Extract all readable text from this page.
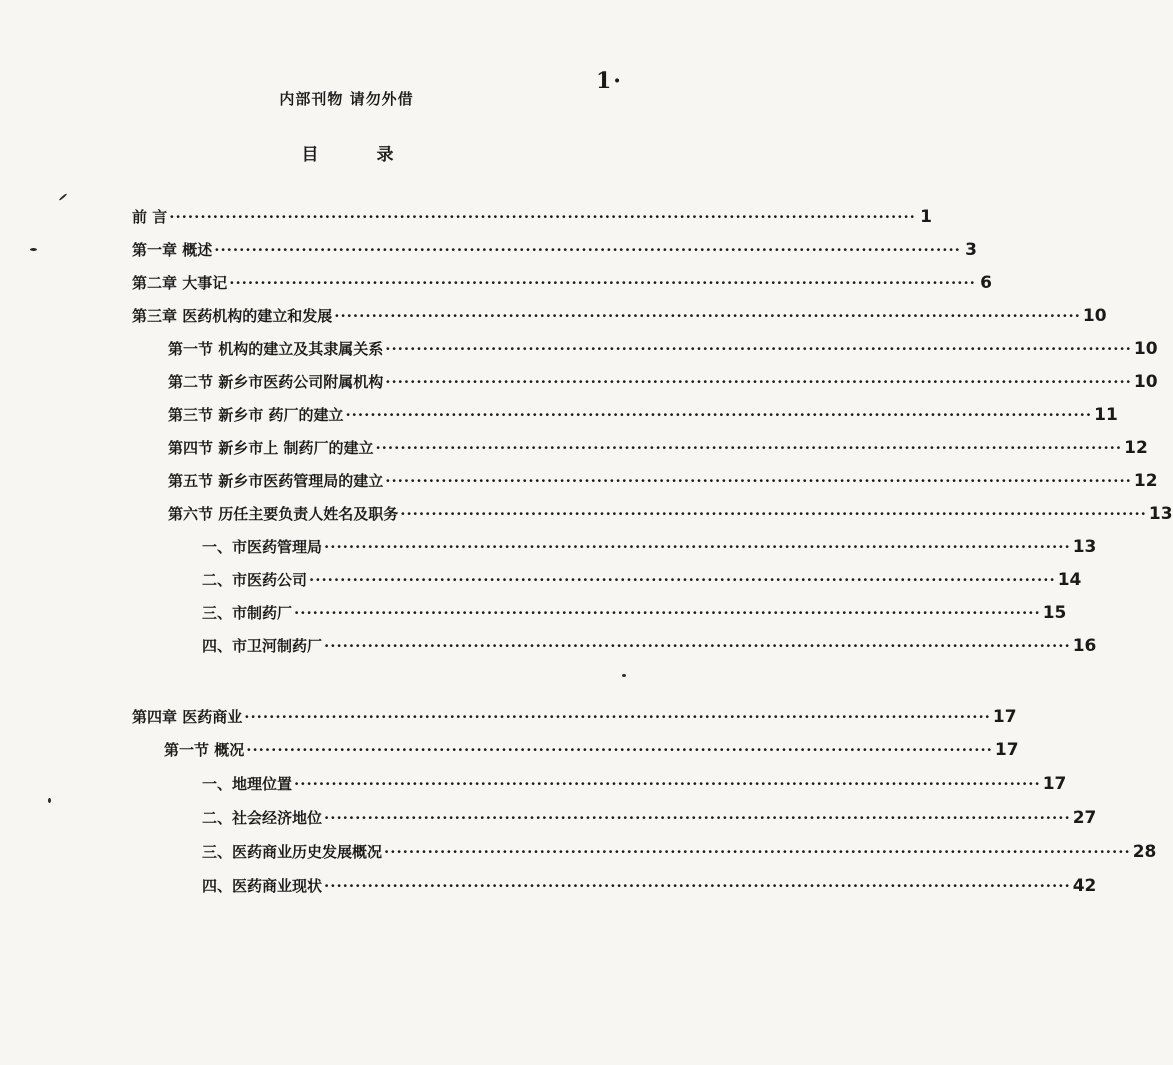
1·
内部刊物 请勿外借
目录
前 言 ························································································································ 1
第一章 概述 ························································································································ 3
第二章 大事记 ························································································································ 6
第三章 医药机构的建立和发展 ························································································································ 10
第一节 机构的建立及其隶属关系 ························································································································ 10
第二节 新乡市医药公司附属机构 ························································································································ 10
第三节 新乡市 药厂的建立 ························································································································ 11
第四节 新乡市上 制药厂的建立 ························································································································ 12
第五节 新乡市医药管理局的建立 ························································································································ 12
第六节 历任主要负责人姓名及职务 ························································································································ 13
一、市医药管理局 ························································································································ 13
二、市医药公司 ························································································································ 14
三、市制药厂 ························································································································ 15
四、市卫河制药厂 ························································································································ 16
第四章 医药商业 ························································································································ 17
第一节 概况 ························································································································ 17
一、地理位置 ························································································································ 17
二、社会经济地位 ························································································································ 27
三、医药商业历史发展概况 ························································································································ 28
四、医药商业现状 ························································································································ 42
